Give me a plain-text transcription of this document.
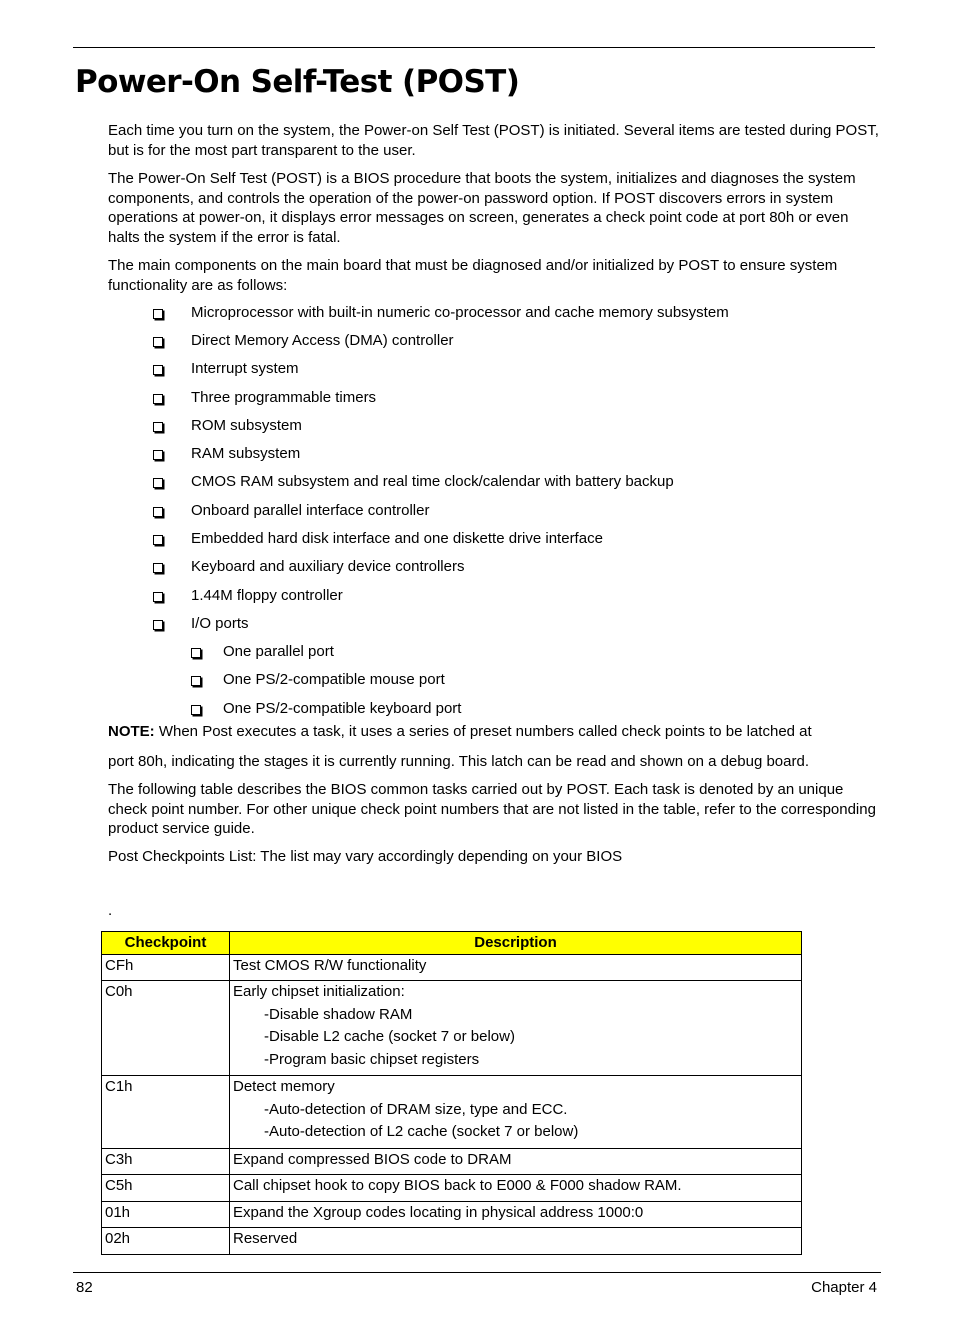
Power-On Self-Test (POST)

Each time you turn on the system, the Power-on Self Test (POST) is initiated. Several items are tested during POST, but is for the most part transparent to the user.

The Power-On Self Test (POST) is a BIOS procedure that boots the system, initializes and diagnoses the system components, and controls the operation of the power-on password option. If POST discovers errors in system operations at power-on, it displays error messages on screen, generates a check point code at port 80h or even halts the system if the error is fatal.

The main components on the main board that must be diagnosed and/or initialized by POST to ensure system functionality are as follows:

Microprocessor with built-in numeric co-processor and cache memory subsystem
Direct Memory Access (DMA) controller
Interrupt system
Three programmable timers
ROM subsystem
RAM subsystem
CMOS RAM subsystem and real time clock/calendar with battery backup
Onboard parallel interface controller
Embedded hard disk interface and one diskette drive interface
Keyboard and auxiliary device controllers
1.44M floppy controller
I/O ports
One parallel port
One PS/2-compatible mouse port
One PS/2-compatible keyboard port

NOTE: When Post executes a task, it uses a series of preset numbers called check points to be latched at

port 80h, indicating the stages it is currently running. This latch can be read and shown on a debug board.

The following table describes the BIOS common tasks carried out by POST. Each task is denoted by an unique check point number. For other unique check point numbers that are not listed in the table, refer to the corresponding product service guide.

Post Checkpoints List: The list may vary accordingly depending on your BIOS

.

Checkpoint	Description
CFh	Test CMOS R/W functionality

C0h	Early chipset initialization:
-Disable shadow RAM
-Disable L2 cache (socket 7 or below)
-Program basic chipset registers

C1h	Detect memory
-Auto-detection of DRAM size, type and ECC.
-Auto-detection of L2 cache (socket 7 or below)

C3h	Expand compressed BIOS code to DRAM

C5h	Call chipset hook to copy BIOS back to E000 & F000 shadow RAM.

01h	Expand the Xgroup codes locating in physical address 1000:0

02h	Reserved
82	Chapter 4
